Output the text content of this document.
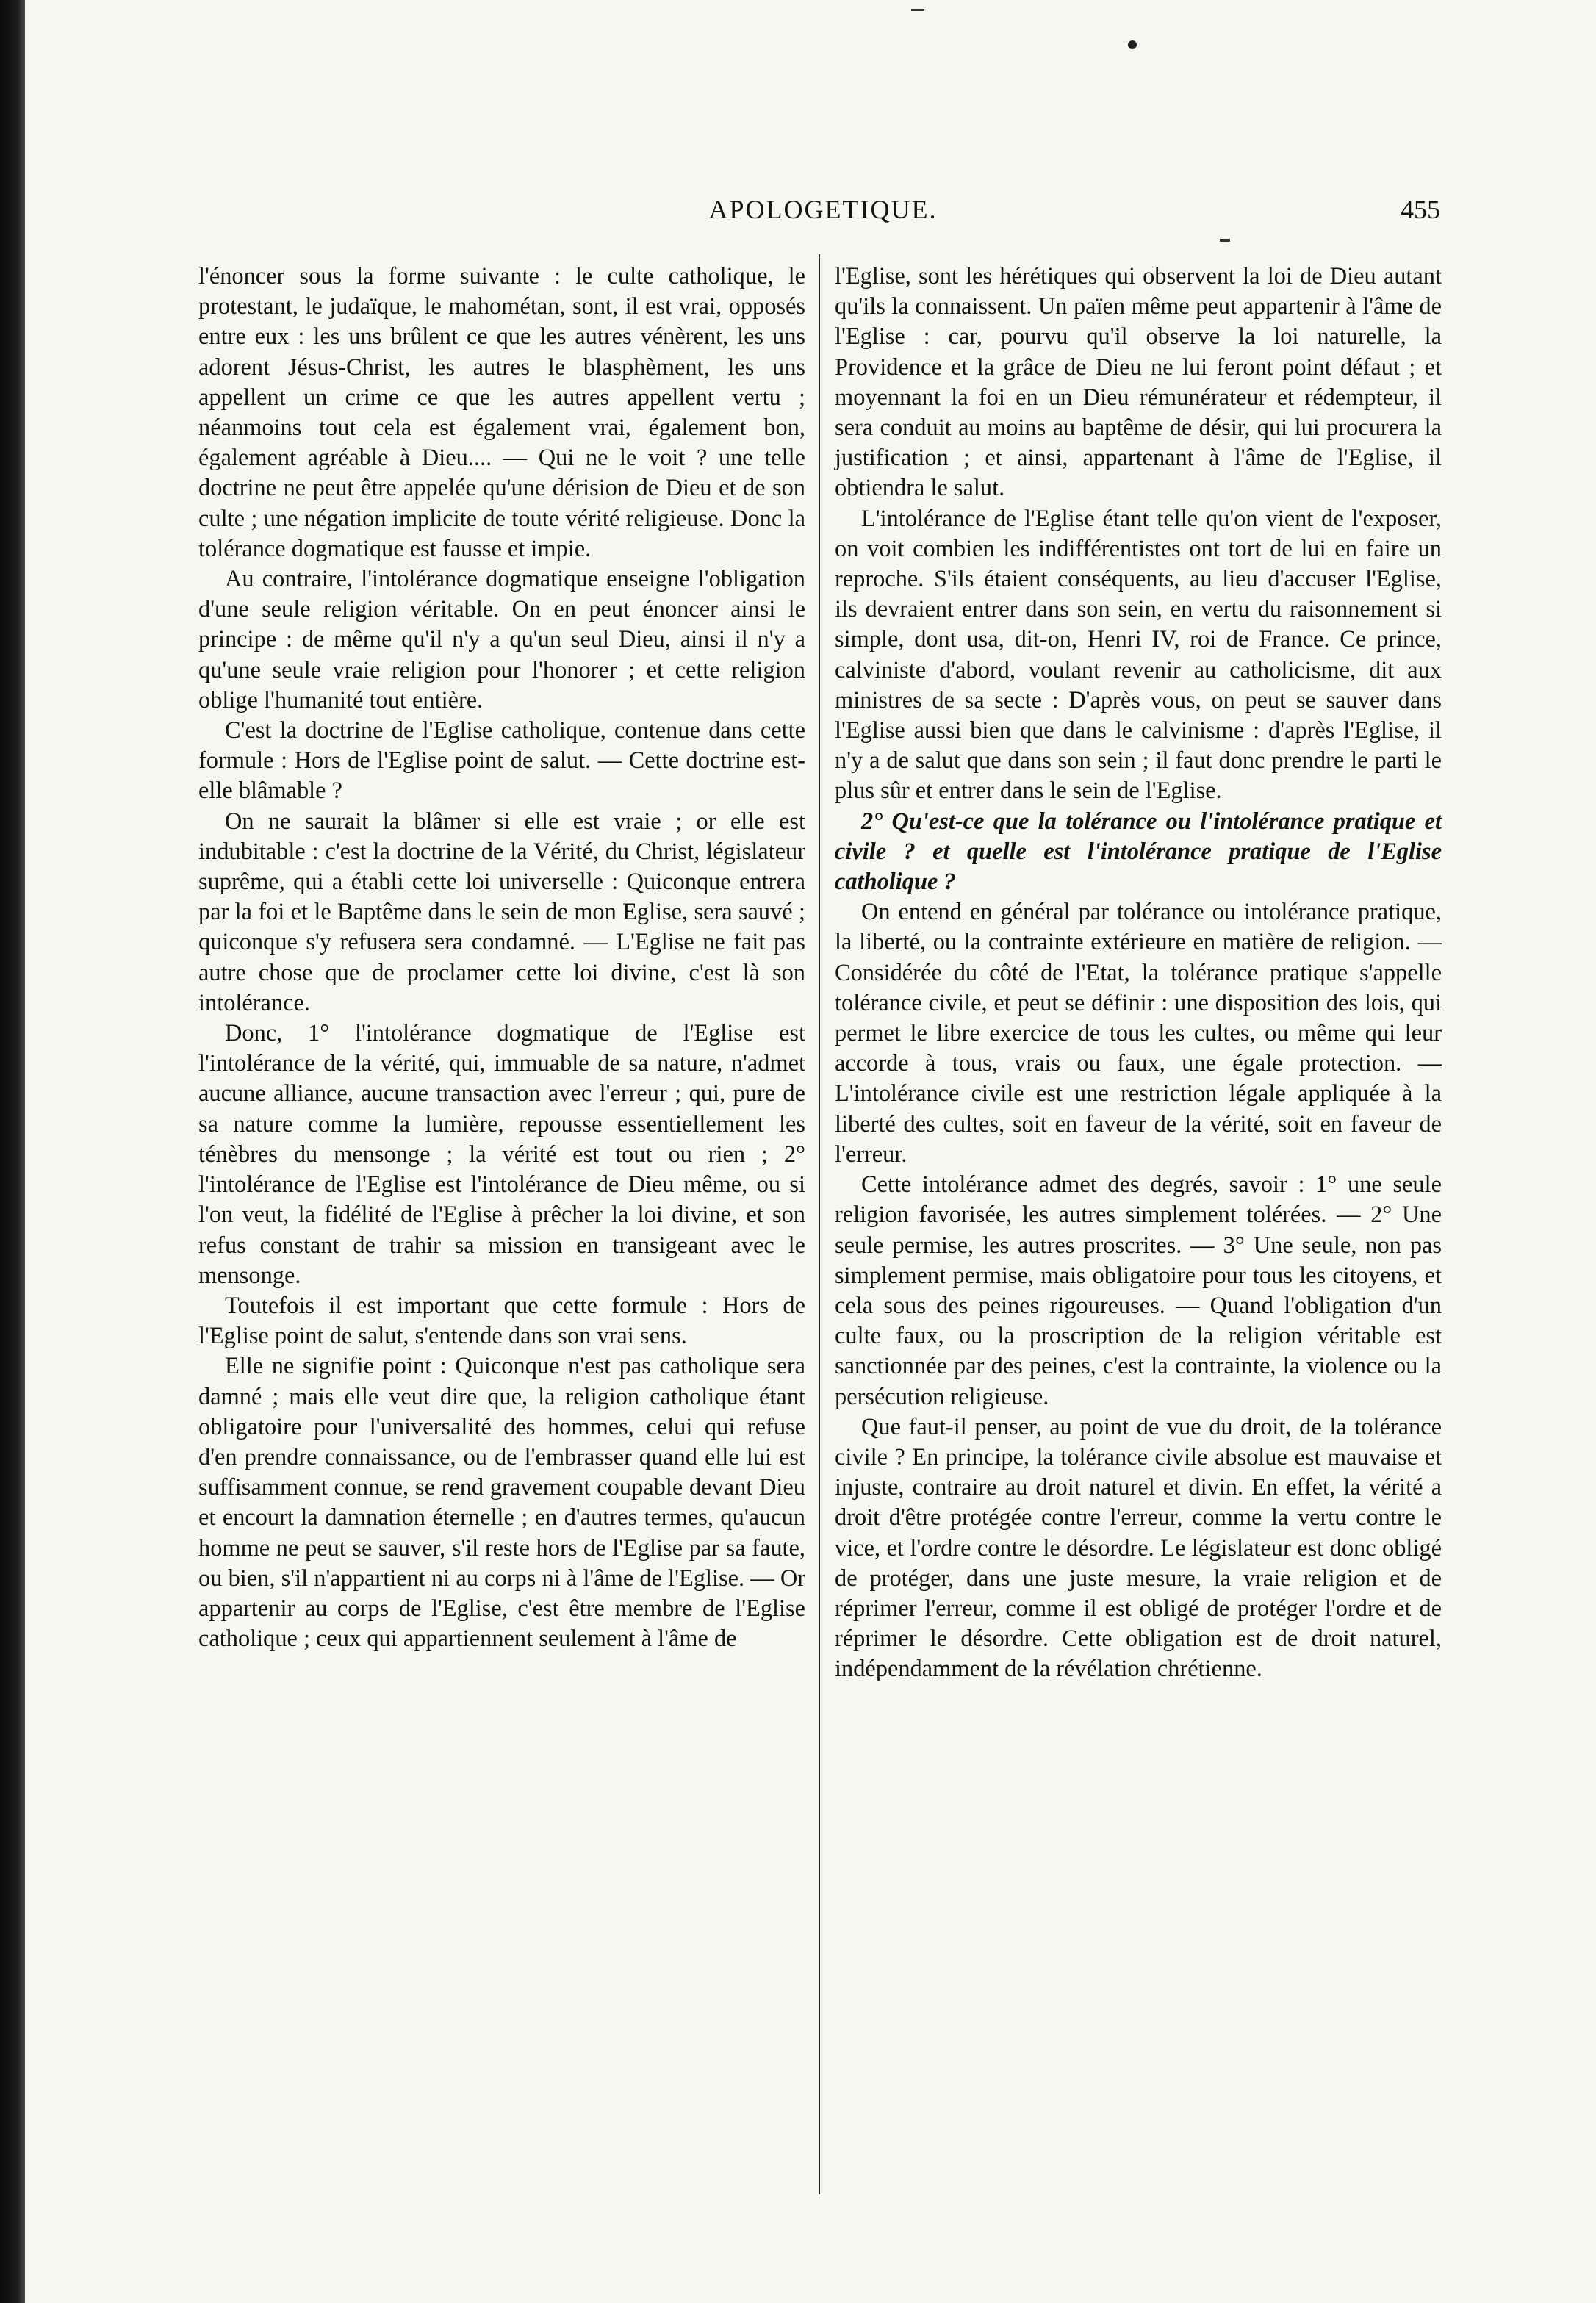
APOLOGETIQUE.	455

l'énoncer sous la forme suivante : le culte catholique, le protestant, le judaïque, le mahométan, sont, il est vrai, opposés entre eux : les uns brûlent ce que les autres vénèrent, les uns adorent Jésus-Christ, les autres le blasphèment, les uns appellent un crime ce que les autres appellent vertu ; néanmoins tout cela est également vrai, également bon, également agréable à Dieu.... — Qui ne le voit ? une telle doctrine ne peut être appelée qu'une dérision de Dieu et de son culte ; une négation implicite de toute vérité religieuse. Donc la tolérance dogmatique est fausse et impie.

Au contraire, l'intolérance dogmatique enseigne l'obligation d'une seule religion véritable. On en peut énoncer ainsi le principe : de même qu'il n'y a qu'un seul Dieu, ainsi il n'y a qu'une seule vraie religion pour l'honorer ; et cette religion oblige l'humanité tout entière.

C'est la doctrine de l'Eglise catholique, contenue dans cette formule : Hors de l'Eglise point de salut. — Cette doctrine est-elle blâmable ?

On ne saurait la blâmer si elle est vraie ; or elle est indubitable : c'est la doctrine de la Vérité, du Christ, législateur suprême, qui a établi cette loi universelle : Quiconque entrera par la foi et le Baptême dans le sein de mon Eglise, sera sauvé ; quiconque s'y refusera sera condamné. — L'Eglise ne fait pas autre chose que de proclamer cette loi divine, c'est là son intolérance.

Donc, 1° l'intolérance dogmatique de l'Eglise est l'intolérance de la vérité, qui, immuable de sa nature, n'admet aucune alliance, aucune transaction avec l'erreur ; qui, pure de sa nature comme la lumière, repousse essentiellement les ténèbres du mensonge ; la vérité est tout ou rien ; 2° l'intolérance de l'Eglise est l'intolérance de Dieu même, ou si l'on veut, la fidélité de l'Eglise à prêcher la loi divine, et son refus constant de trahir sa mission en transigeant avec le mensonge.

Toutefois il est important que cette formule : Hors de l'Eglise point de salut, s'entende dans son vrai sens.

Elle ne signifie point : Quiconque n'est pas catholique sera damné ; mais elle veut dire que, la religion catholique étant obligatoire pour l'universalité des hommes, celui qui refuse d'en prendre connaissance, ou de l'embrasser quand elle lui est suffisamment connue, se rend gravement coupable devant Dieu et encourt la damnation éternelle ; en d'autres termes, qu'aucun homme ne peut se sauver, s'il reste hors de l'Eglise par sa faute, ou bien, s'il n'appartient ni au corps ni à l'âme de l'Eglise. — Or appartenir au corps de l'Eglise, c'est être membre de l'Eglise catholique ; ceux qui appartiennent seulement à l'âme de

l'Eglise, sont les hérétiques qui observent la loi de Dieu autant qu'ils la connaissent. Un païen même peut appartenir à l'âme de l'Eglise : car, pourvu qu'il observe la loi naturelle, la Providence et la grâce de Dieu ne lui feront point défaut ; et moyennant la foi en un Dieu rémunérateur et rédempteur, il sera conduit au moins au baptême de désir, qui lui procurera la justification ; et ainsi, appartenant à l'âme de l'Eglise, il obtiendra le salut.

L'intolérance de l'Eglise étant telle qu'on vient de l'exposer, on voit combien les indifférentistes ont tort de lui en faire un reproche. S'ils étaient conséquents, au lieu d'accuser l'Eglise, ils devraient entrer dans son sein, en vertu du raisonnement si simple, dont usa, dit-on, Henri IV, roi de France. Ce prince, calviniste d'abord, voulant revenir au catholicisme, dit aux ministres de sa secte : D'après vous, on peut se sauver dans l'Eglise aussi bien que dans le calvinisme : d'après l'Eglise, il n'y a de salut que dans son sein ; il faut donc prendre le parti le plus sûr et entrer dans le sein de l'Eglise.

2° Qu'est-ce que la tolérance ou l'intolérance pratique et civile ? et quelle est l'intolérance pratique de l'Eglise catholique ?

On entend en général par tolérance ou intolérance pratique, la liberté, ou la contrainte extérieure en matière de religion. — Considérée du côté de l'Etat, la tolérance pratique s'appelle tolérance civile, et peut se définir : une disposition des lois, qui permet le libre exercice de tous les cultes, ou même qui leur accorde à tous, vrais ou faux, une égale protection. — L'intolérance civile est une restriction légale appliquée à la liberté des cultes, soit en faveur de la vérité, soit en faveur de l'erreur.

Cette intolérance admet des degrés, savoir : 1° une seule religion favorisée, les autres simplement tolérées. — 2° Une seule permise, les autres proscrites. — 3° Une seule, non pas simplement permise, mais obligatoire pour tous les citoyens, et cela sous des peines rigoureuses. — Quand l'obligation d'un culte faux, ou la proscription de la religion véritable est sanctionnée par des peines, c'est la contrainte, la violence ou la persécution religieuse.

Que faut-il penser, au point de vue du droit, de la tolérance civile ? En principe, la tolérance civile absolue est mauvaise et injuste, contraire au droit naturel et divin. En effet, la vérité a droit d'être protégée contre l'erreur, comme la vertu contre le vice, et l'ordre contre le désordre. Le législateur est donc obligé de protéger, dans une juste mesure, la vraie religion et de réprimer l'erreur, comme il est obligé de protéger l'ordre et de réprimer le désordre. Cette obligation est de droit naturel, indépendamment de la révélation chrétienne.
